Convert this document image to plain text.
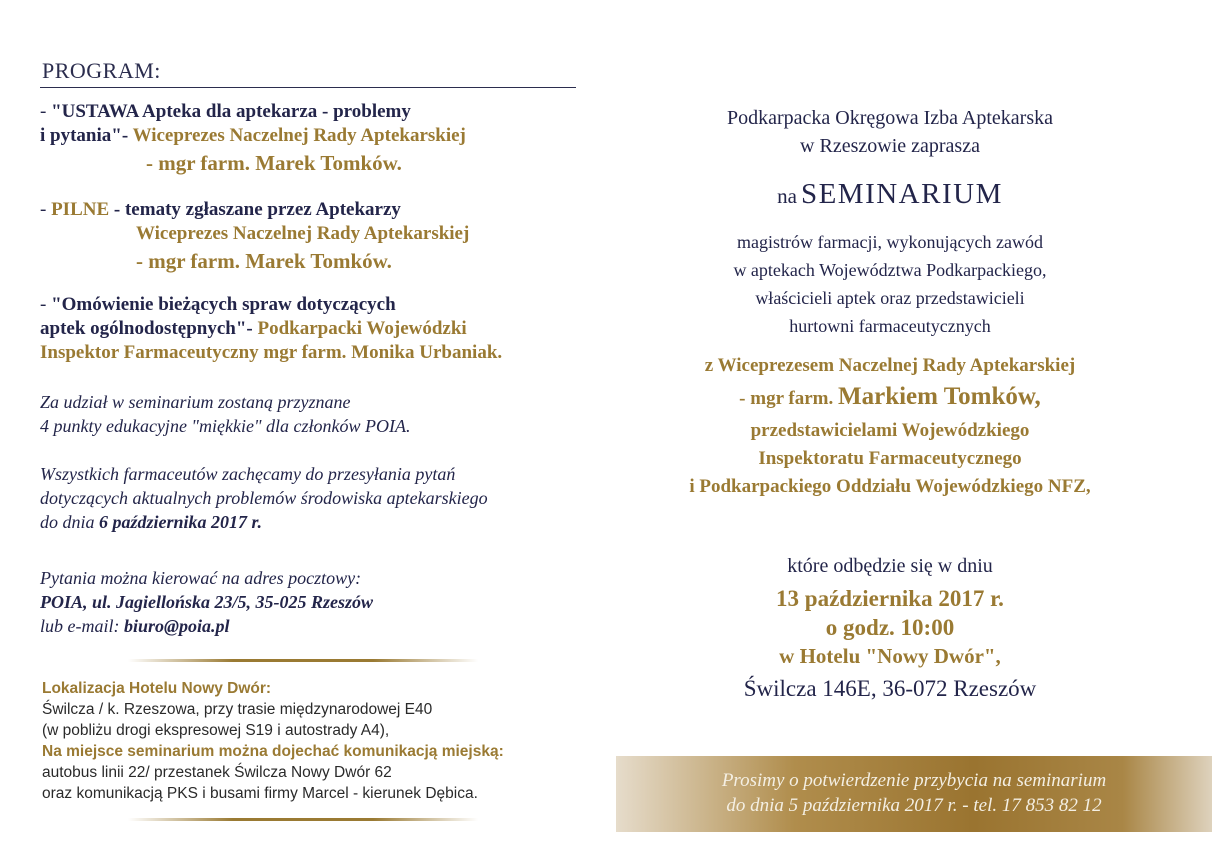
PROGRAM:
- "USTAWA Apteka dla aptekarza - problemy
i pytania"- Wiceprezes Naczelnej Rady Aptekarskiej
- mgr farm. Marek Tomków.
- PILNE - tematy zgłaszane przez Aptekarzy
Wiceprezes Naczelnej Rady Aptekarskiej
- mgr farm. Marek Tomków.
- "Omówienie bieżących spraw dotyczących
aptek ogólnodostępnych"- Podkarpacki Wojewódzki
Inspektor Farmaceutyczny mgr farm. Monika Urbaniak.
Za udział w seminarium zostaną przyznane
4 punkty edukacyjne "miękkie" dla członków POIA.
Wszystkich farmaceutów zachęcamy do przesyłania pytań
dotyczących aktualnych problemów środowiska aptekarskiego
do dnia 6 października 2017 r.
Pytania można kierować na adres pocztowy:
POIA, ul. Jagiellońska 23/5, 35-025 Rzeszów
lub e-mail: biuro@poia.pl
Lokalizacja Hotelu Nowy Dwór:
Świlcza / k. Rzeszowa, przy trasie międzynarodowej E40
(w pobliżu drogi ekspresowej S19 i autostrady A4),
Na miejsce seminarium można dojechać komunikacją miejską:
autobus linii 22/ przestanek Świlcza Nowy Dwór 62
oraz komunikacją PKS i busami firmy Marcel - kierunek Dębica.
Podkarpacka Okręgowa Izba Aptekarska
w Rzeszowie zaprasza
na SEMINARIUM
magistrów farmacji, wykonujących zawód
w aptekach Województwa Podkarpackiego,
właścicieli aptek oraz przedstawicieli
hurtowni farmaceutycznych
z Wiceprezesem Naczelnej Rady Aptekarskiej
- mgr farm. Markiem Tomków,
przedstawicielami Wojewódzkiego
Inspektoratu Farmaceutycznego
i Podkarpackiego Oddziału Wojewódzkiego NFZ,
które odbędzie się w dniu
13 października 2017 r.
o godz. 10:00
w Hotelu "Nowy Dwór",
Świlcza 146E, 36-072 Rzeszów
Prosimy o potwierdzenie przybycia na seminarium
do dnia 5 października 2017 r. - tel. 17 853 82 12
